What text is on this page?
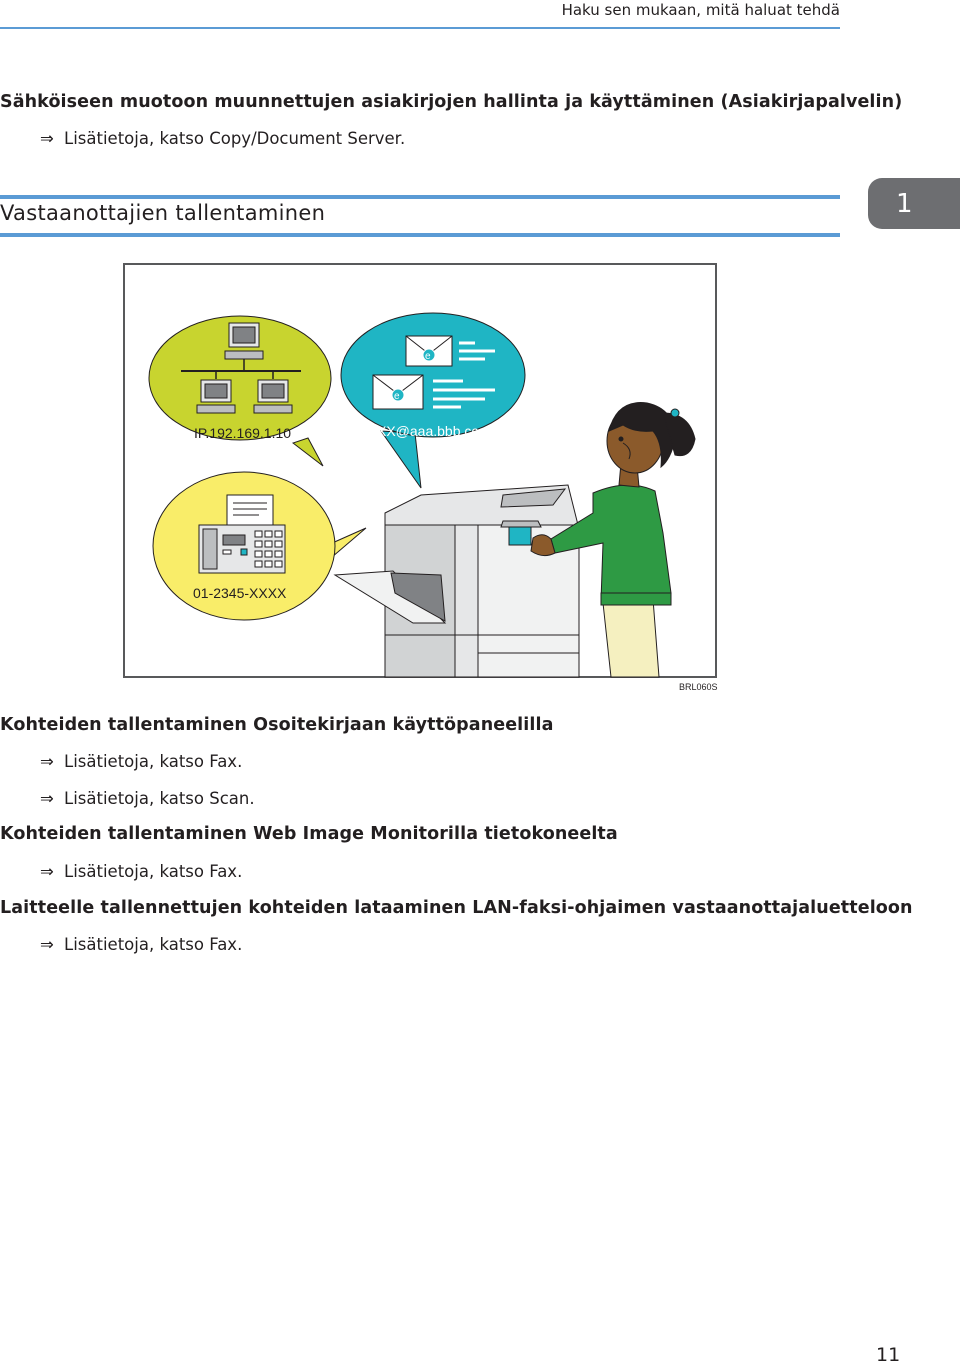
Haku sen mukaan, mitä haluat tehdä
Sähköiseen muotoon muunnettujen asiakirjojen hallinta ja käyttäminen (Asiakirjapalvelin)
⇒ Lisätietoja, katso Copy/Document Server.
Vastaanottajien tallentaminen	1
IP.192.169.1.10
e
e
XX@aaa.bbb.ccc
01-2345-XXXX
BRL060S
Kohteiden tallentaminen Osoitekirjaan käyttöpaneelilla
⇒ Lisätietoja, katso Fax.
⇒ Lisätietoja, katso Scan.
Kohteiden tallentaminen Web Image Monitorilla tietokoneelta
⇒ Lisätietoja, katso Fax.
Laitteelle tallennettujen kohteiden lataaminen LAN-faksi-ohjaimen vastaanottajaluetteloon
⇒ Lisätietoja, katso Fax.
11
